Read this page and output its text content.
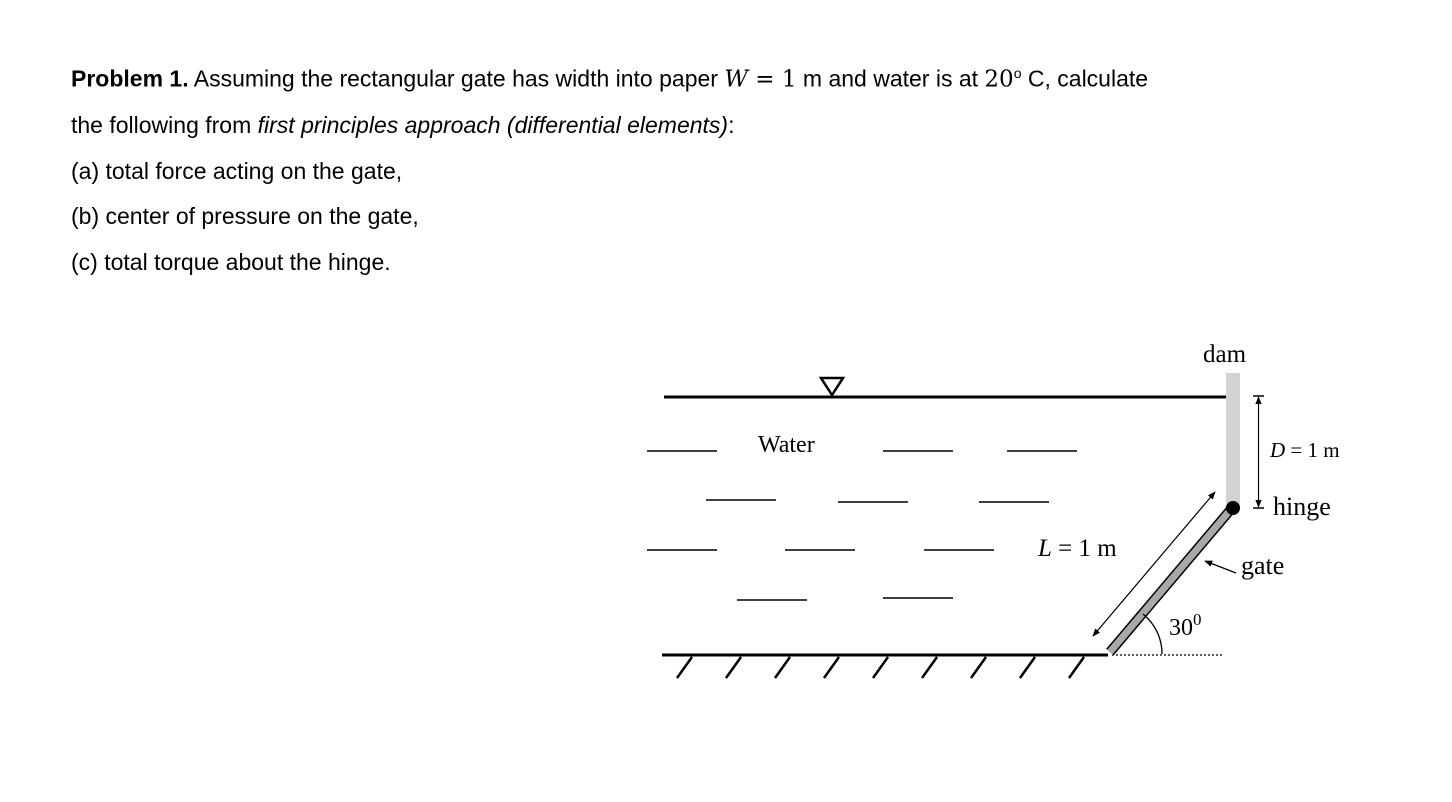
Problem 1. Assuming the rectangular gate has width into paper W = 1 m and water is at 20$^o$ C, calculate
the following from first principles approach (differential elements):
(a) total force acting on the gate,
(b) center of pressure on the gate,
(c) total torque about the hinge.
Water
dam
D = 1 m
hinge
L = 1 m
gate
$30^0$
